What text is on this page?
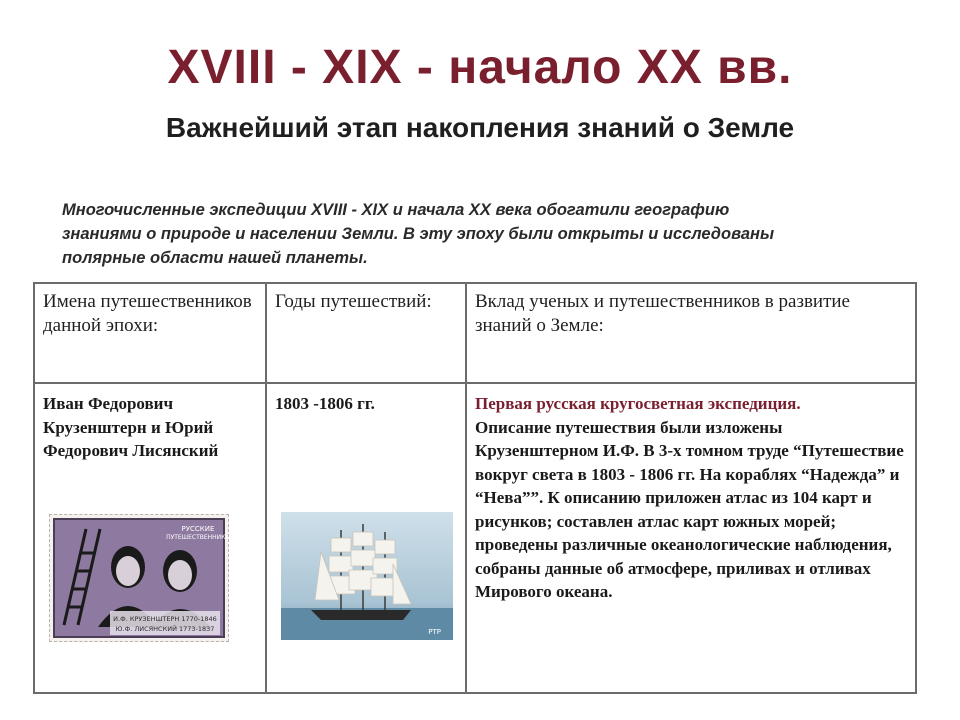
XVIII - XIX - начало ХХ вв.
Важнейший этап накопления знаний о Земле
Многочисленные экспедиции XVIII - XIX и начала ХХ века обогатили географию
знаниями о природе и населении Земли. В эту эпоху были открыты и исследованы
полярные области нашей планеты.
Имена путешественников данной эпохи:
Годы путешествий:	Вклад ученых и путешественников в развитие знаний о Земле:
Иван Федорович Крузенштерн и Юрий Федорович Лисянский
РУССКИЕ
ПУТЕШЕСТВЕННИКИ
И.Ф. КРУЗЕНШТЕРН 1770-1846
Ю.Ф. ЛИСЯНСКИЙ 1773-1837
1803 -1806 гг.
РТР
Первая русская кругосветная экспедиция.
Описание путешествия были изложены Крузенштерном И.Ф. В 3-х томном труде “Путешествие вокруг света в 1803 - 1806 гг. На кораблях “Надежда” и “Нева””. К описанию приложен атлас из 104 карт и рисунков; составлен атлас карт южных морей; проведены различные океанологические наблюдения, собраны данные об атмосфере, приливах и отливах Мирового океана.
